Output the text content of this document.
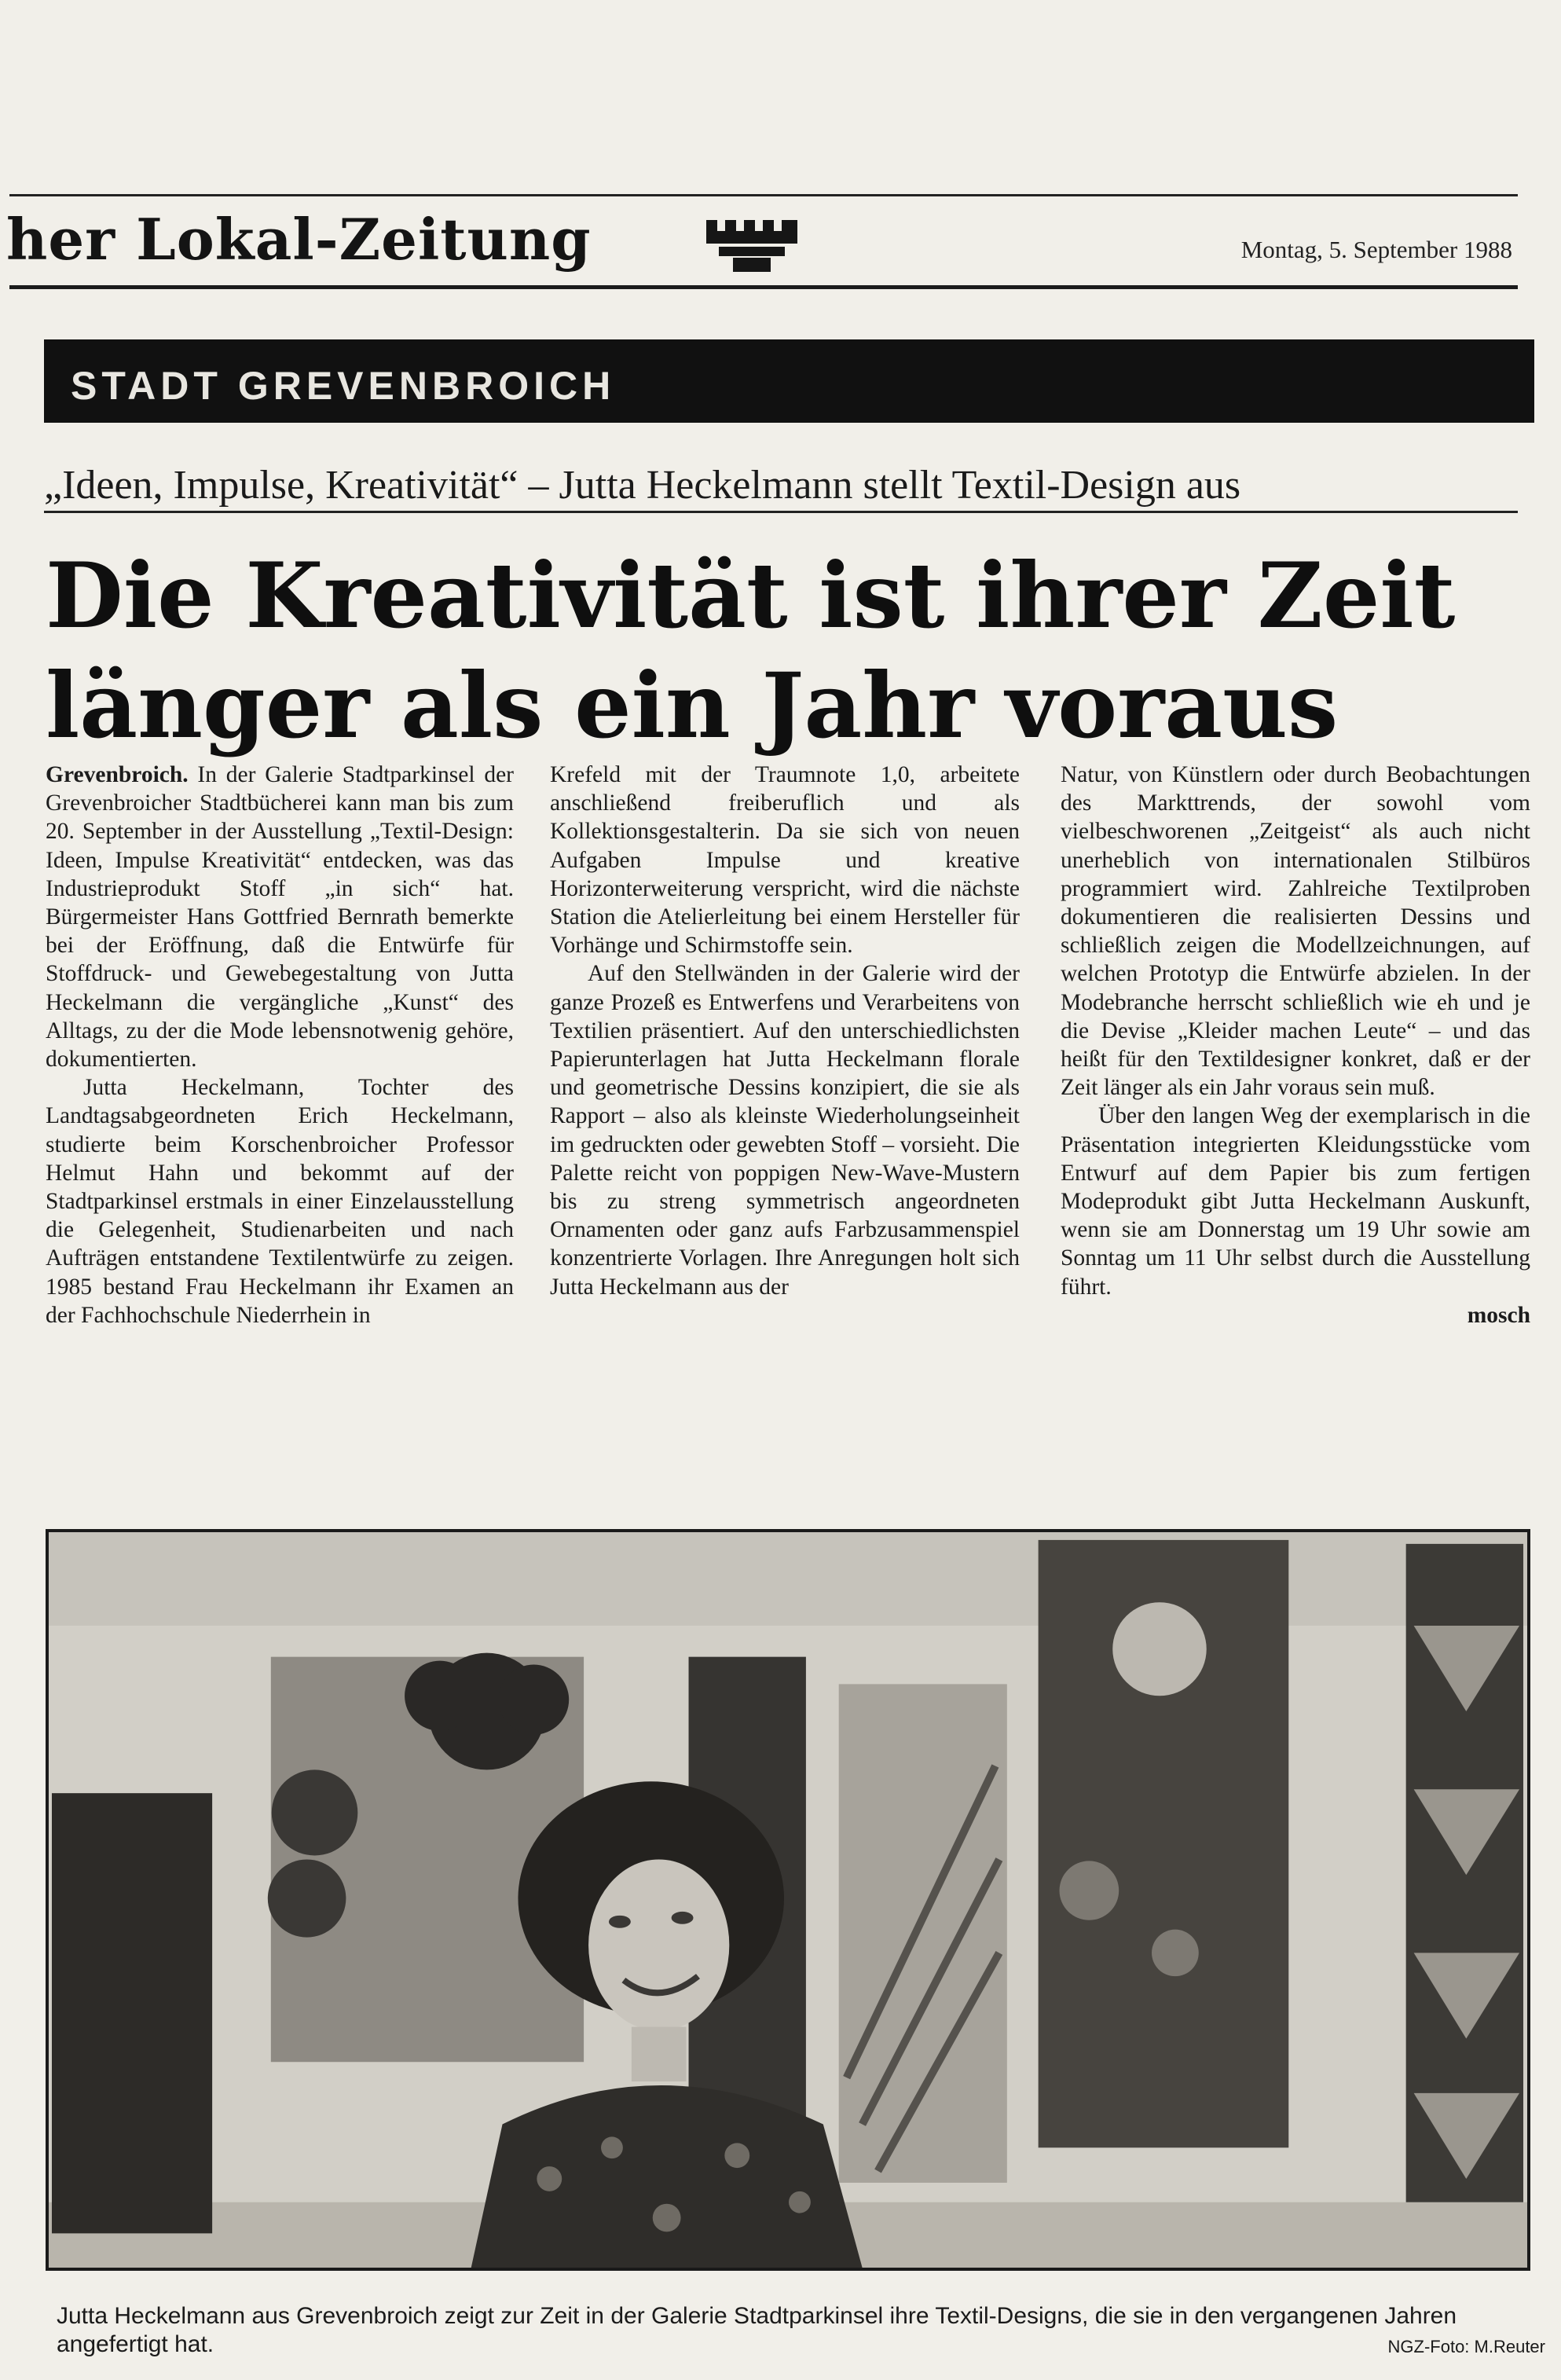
her Lokal-Zeitung	Montag, 5. September 1988
STADT GREVENBROICH
„Ideen, Impulse, Kreativität“ – Jutta Heckelmann stellt Textil-Design aus
Die Kreativität ist ihrer Zeit länger als ein Jahr voraus

Grevenbroich. In der Galerie Stadtparkinsel der Grevenbroicher Stadtbücherei kann man bis zum 20. September in der Ausstellung „Textil-Design: Ideen, Impulse Kreativität“ entdecken, was das Industrieprodukt Stoff „in sich“ hat. Bürgermeister Hans Gottfried Bernrath bemerkte bei der Eröffnung, daß die Entwürfe für Stoffdruck- und Gewebegestaltung von Jutta Heckelmann die vergängliche „Kunst“ des Alltags, zu der die Mode lebensnotwenig gehöre, dokumentierten.

Jutta Heckelmann, Tochter des Landtagsabgeordneten Erich Heckelmann, studierte beim Korschenbroicher Professor Helmut Hahn und bekommt auf der Stadtparkinsel erstmals in einer Einzelausstellung die Gelegenheit, Studienarbeiten und nach Aufträgen entstandene Textilentwürfe zu zeigen. 1985 bestand Frau Heckelmann ihr Examen an der Fachhochschule Niederrhein in

Krefeld mit der Traumnote 1,0, arbeitete anschließend freiberuflich und als Kollektionsgestalterin. Da sie sich von neuen Aufgaben Impulse und kreative Horizonterweiterung verspricht, wird die nächste Station die Atelierleitung bei einem Hersteller für Vorhänge und Schirmstoffe sein.

Auf den Stellwänden in der Galerie wird der ganze Prozeß es Entwerfens und Verarbeitens von Textilien präsentiert. Auf den unterschiedlichsten Papierunterlagen hat Jutta Heckelmann florale und geometrische Dessins konzipiert, die sie als Rapport – also als kleinste Wiederholungseinheit im gedruckten oder gewebten Stoff – vorsieht. Die Palette reicht von poppigen New-Wave-Mustern bis zu streng symmetrisch angeordneten Ornamenten oder ganz aufs Farbzusammenspiel konzentrierte Vorlagen. Ihre Anregungen holt sich Jutta Heckelmann aus der

Natur, von Künstlern oder durch Beobachtungen des Markttrends, der sowohl vom vielbeschworenen „Zeitgeist“ als auch nicht unerheblich von internationalen Stilbüros programmiert wird. Zahlreiche Textilproben dokumentieren die realisierten Dessins und schließlich zeigen die Modellzeichnungen, auf welchen Prototyp die Entwürfe abzielen. In der Modebranche herrscht schließlich wie eh und je die Devise „Kleider machen Leute“ – und das heißt für den Textildesigner konkret, daß er der Zeit länger als ein Jahr voraus sein muß.

Über den langen Weg der exemplarisch in die Präsentation integrierten Kleidungsstücke vom Entwurf auf dem Papier bis zum fertigen Modeprodukt gibt Jutta Heckelmann Auskunft, wenn sie am Donnerstag um 19 Uhr sowie am Sonntag um 11 Uhr selbst durch die Ausstellung führt.

mosch
Jutta Heckelmann aus Grevenbroich zeigt zur Zeit in der Galerie Stadtparkinsel ihre Textil-Designs, die sie in den vergangenen Jahren angefertigt hat.	NGZ-Foto: M.Reuter
